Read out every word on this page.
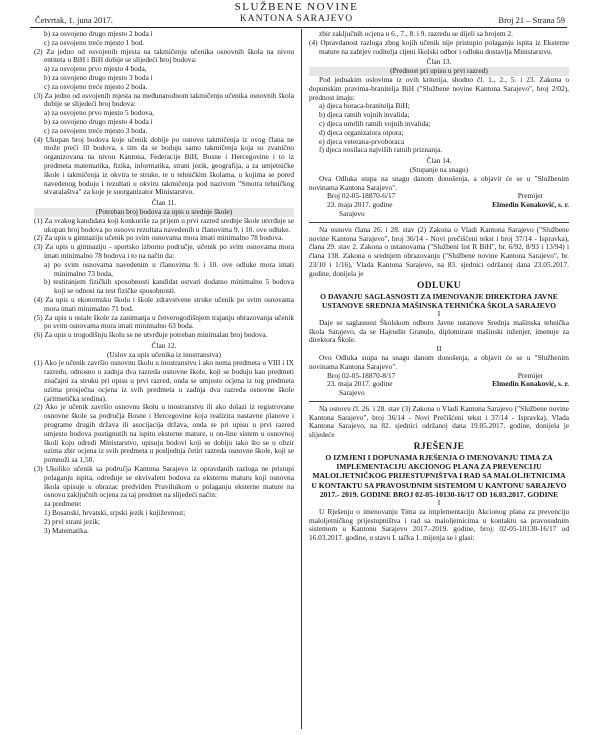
SLUŽBENE NOVINE
KANTONA SARAJEVO
Četvrtak, 1. juna 2017.	Broj 21 – Strana 59

b) za osvojeno drugo mjesto 2 boda i

c) za osvojeno treće mjesto 1 bod.

(2) Za jedno od osvojenih mjesta na takmičenju učenika osnovnih škola na nivou entiteta u BiH i BiH dobije se slijedeći broj bodova:

a) za osvojeno prvo mjesto 4 boda,

b) za osvojeno drugo mjesto 3 boda i

c) za osvojeno treće mjesto 2 boda.

(3) Za jedno od osvojenih mjesta na međunarodnom takmičenju učenika osnovnih škola dobije se slijedeći broj bodova:

a) za osvojeno prvo mjesto 5 bodova,

b) za osvojeno drugo mjesto 4 boda i

c) za osvojeno treće mjesto 3 boda.

(4) Ukupan broj bodova koje učenik dobije po osnovu takmičenja iz ovog člana ne može preći 10 bodova, s tim da se boduju samo takmičenja koja su zvanično organizovana na nivou Kantona, Federacije BiH, Bosne i Hercegovine i to iz predmeta matematika, fizika, informatika, strani jezik, geografija, a za umjetničke škole i takmičenja iz okvira te struke, te u tehničkim školama, u kojima se pored navedenog boduju i rezultati u okviru takmičenja pod nazivom "Smotra tehničkog stvaralaštva" za koje je suorganizator Ministarstvo.

Član 11.

(Potreban broj bodova za upis u srednje škole)

(1) Za svakog kandidata koji konkuriše za prijem u prvi razred srednje škole utvrđuje se ukupan broj bodova po osnovu rezultata navedenih u članovima 9. i 10. ove odluke.

(2) Za upis u gimnaziju učenik po svim osnovama mora imati minimalno 78 bodova.

(3) Za upis u gimnaziju - sportsko izborno područje, učenik po svim osnovama mora imati minimalno 78 bodova i to na način da:

a) po svim osnovama navedenim u članovima 9. i 10. ove odluke mora imati minimalno 73 boda,

b) testiranjem fizičkih sposobnosti kandidat ostvari dodatno minimalno 5 bodova koji se odnosi na test fizičke sposobnosti.

(4) Za upis u ekonomsku školu i škole zdravstvene struke učenik po svim osnovama mora imati minimalno 71 bod.

(5) Za upis u ostale škole za zanimanja u četverogodišnjem trajanju obrazovanja učenik po svim osnovama mora imati minimalno 63 boda.

(6) Za upis u trogodišnju školu se ne utvrđuje potreban minimalan broj bodova.

Član 12.

(Uslov za upis učenika iz inostranstva)

(1) Ako je učenik završio osnovnu školu u inostranstvu i ako nema predmeta u VIII i IX razredu, odnosno u zadnja dva razreda osnovne škole, koji se boduju kao predmeti značajni za struku pri upisu u prvi razred, onda se umjesto ocjena iz tog predmeta uzima prosječna ocjena iz svih predmeta u zadnja dva razreda osnovne škole (aritmetička sredina).

(2) Ako je učenik završio osnovnu školu u inostranstvu ili ako dolazi iz registrovane osnovne škole sa područja Bosne i Hercegovine koja realizira nastavne planove i programe drugih država ili asocijacija država, onda se pri upisu u prvi razred umjesto bodova postignutih na ispitu eksterne mature, u on-line sistem u osnovnoj školi koju odredi Ministarstvo, upisuju bodovi koji se dobiju tako što se u obzir uzima zbir ocjena iz svih predmeta u posljednja četiri razreda osnovne škole, koji se pomnoži sa 1,50.

(3) Ukoliko učenik sa područja Kantona Sarajevo iz opravdanih razloga ne pristupi polaganju ispita, određuje se ekvivalent bodova za eksternu maturu koji osnovna škola upisuje u obrazac predviđen Pravilnikom o polaganju eksterne mature na osnovu zaključnih ocjena za taj predmet na slijedeći način:

za predmete:

1) Bosanski, hrvatski, srpski jezik i književnost;

2) prvi strani jezik;

3) Matematika.

zbir zaključnih ocjena u 6., 7., 8. i 9. razredu se dijeli sa brojem 2.

(4) Opravdanost razloga zbog kojih učenik nije pristupio polaganju ispita iz Eksterne mature na zahtjev roditelja cijeni školski odbor i odluku dostavlja Ministarstvu.

Član 13.

(Prednost pri upisu u prvi razred)

Pod jednakim uslovima iz ovih kriterija, shodno čl. 1., 2., 5. i 23. Zakona o dopunskim pravima-branitelja BiH ("Službene novine Kantona Sarajevo", broj 2/02), prednost imaju:

a) djeca boraca-branitelja BiH;

b) djeca ratnih vojnih invalida;

c) djeca umrlih ratnih vojnih invalida;

d) djeca organizatora otpora;

e) djeca veterana-prvoboraca

f) djeca nosilaca najviših ratnih priznanja.

Član 14.

(Stupanje na snagu)

Ova Odluka stupa na snagu danom donošenja, a objavit će se u "Službenim novinama Kantona Sarajevo".

Broj 02-05-18870-6/17	Premijer
23. maja 2017. godine
Sarajevo
Elmedin Konaković, s. r.

Na osnovu člana 26. i 28. stav (2) Zakona o Vladi Kantona Sarajevo ("Službene novine Kantona Sarajevo", broj 36/14 - Novi prečišćeni tekst i broj 37/14 - Ispravka), člana 29. stav 2. Zakona o ustanovama ("Službeni list R BiH", br. 6/92, 8/93 i 13/94) i člana 138. Zakona o srednjem obrazovanju ("Službene novine Kantona Sarajevo", br. 23/10 i 1/16), Vlada Kantona Sarajevo, na 83. sjednici održanoj dana 23.05.2017. godine, donijela je

ODLUKU

O DAVANJU SAGLASNOSTI ZA IMENOVANJE DIREKTORA JAVNE USTANOVE SREDNJA MAŠINSKA TEHNIČKA ŠKOLA SARAJEVO

I

Daje se saglasnost Školskom odboru Javne ustanove Srednja mašinska tehnička škola Sarajevo, da se Hajrudin Granulo, diplomirani mašinski inženjer, imenuje za direktora Škole.

II

Ovo Odluka stupa na snagu danom donošenja, a objavit će se u "Službenim novinama Kantona Sarajevo".

Broj 02-05-18870-8/17	Premijer
23. maja 2017. godine
Sarajevo
Elmedin Konaković, s. r.

Na osnovu čl. 26. i 28. stav (3) Zakona o Vladi Kantona Sarajevo ("Službene novine Kantona Sarajevo", broj 36/14 - Novi Prečišćeni tekst i 37/14 - Ispravka), Vlada Kantona Sarajevo, na 82. sjednici održanoj dana 19.05.2017. godine, donijela je slijedeće

RJEŠENJE

O IZMJENI I DOPUNAMA RJEŠENJA O IMENOVANJU TIMA ZA IMPLEMENTACIJU AKCIONOG PLANA ZA PREVENCIJU MALOLJETNIČKOG PRIJESTUPNIŠTVA I RAD SA MALOLJETNICIMA U KONTAKTU SA PRAVOSUDNIM SISTEMOM U KANTONU SARAJEVO 2017.- 2019. GODINE BROJ 02-05-10130-16/17 OD 16.03.2017. GODINE

I

U Rješenju o imenovanju Tima za implementaciju Akcionog plana za prevenciju maloljetničkog prijestupništva i rad sa maloljetnicima u kontaktu sa pravosudnim sistemom u Kantonu Sarajevo 2017.-2019. godine, broj: 02-05-10130-16/17 od 16.03.2017. godine, u stavu I. tačka 1. mijenja se i glasi:
